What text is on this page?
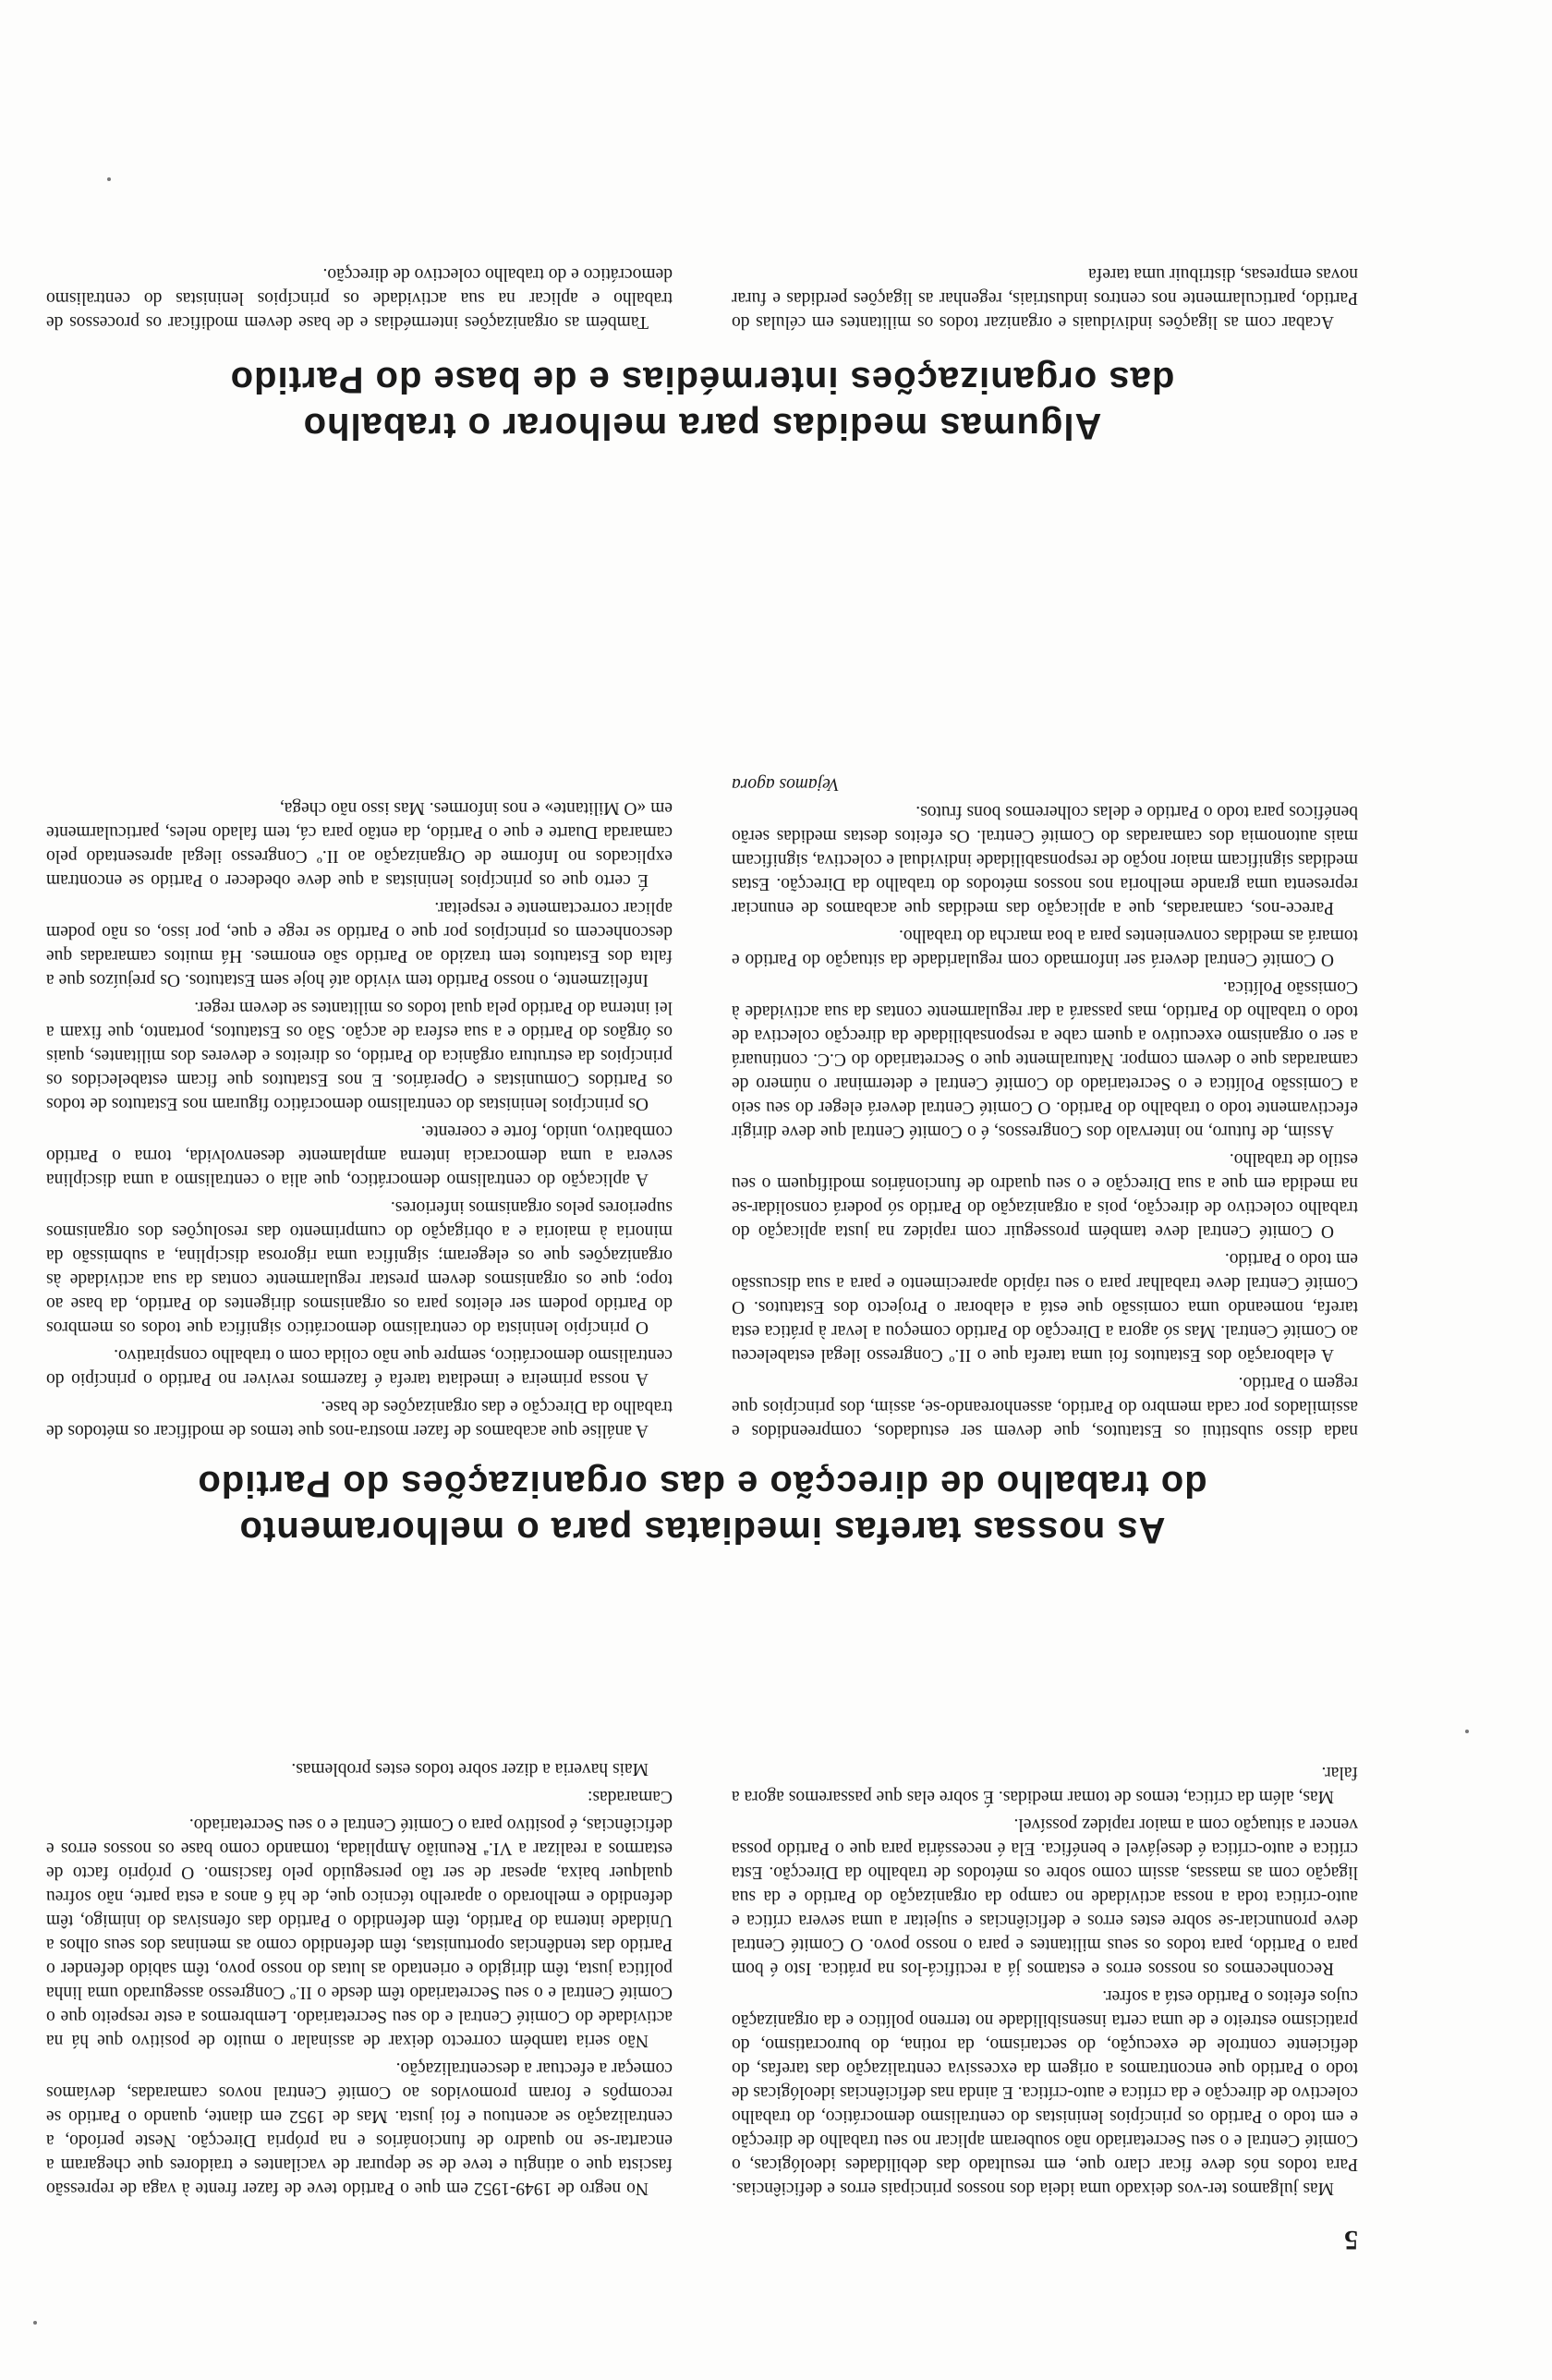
5

Mas julgamos ter-vos deixado uma ideia dos nossos principais erros e deficiências. Para todos nós deve ficar claro que, em resultado das debilidades ideológicas, o Comité Central e o seu Secretariado não souberam aplicar no seu trabalho de direcção e em todo o Partido os princípios leninistas do centralismo democrático, do trabalho colectivo de direcção e da crítica e auto-crítica. E ainda nas deficiências ideológicas de todo o Partido que encontramos a origem da excessiva centralização das tarefas, do deficiente controle de execução, do sectarismo, da rotina, do burocratismo, do praticismo estreito e de uma certa insensibilidade no terreno político e da organização cujos efeitos o Partido está a sofrer.

Reconhecemos os nossos erros e estamos já a rectificá-los na prática. Isto é bom para o Partido, para todos os seus militantes e para o nosso povo. O Comité Central deve pronunciar-se sobre estes erros e deficiências e sujeitar a uma severa crítica e auto-crítica toda a nossa actividade no campo da organização do Partido e da sua ligação com as massas, assim como sobre os métodos de trabalho da Direcção. Esta crítica e auto-crítica é desejável e benéfica. Ela é necessária para que o Partido possa vencer a situação com a maior rapidez possível.

Mas, além da crítica, temos de tomar medidas. É sobre elas que passaremos agora a falar.

No negro de 1949-1952 em que o Partido teve de fazer frente à vaga de repressão fascista que o atingiu e teve de se depurar de vacilantes e traidores que chegaram a encartar-se no quadro de funcionários e na própria Direcção. Neste período, a centralização se acentuou e foi justa. Mas de 1952 em diante, quando o Partido se recompôs e foram promovidos ao Comité Central novos camaradas, devíamos começar a efectuar a descentralização.

Não seria também correcto deixar de assinalar o muito de positivo que há na actividade do Comité Central e do seu Secretariado. Lembremos a este respeito que o Comité Central e o seu Secretariado têm desde o II.º Congresso assegurado uma linha política justa, têm dirigido e orientado as lutas do nosso povo, têm sabido defender o Partido das tendências oportunistas, têm defendido como as meninas dos seus olhos a Unidade interna do Partido, têm defendido o Partido das ofensivas do inimigo, têm defendido e melhorado o aparelho técnico que, de há 6 anos a esta parte, não sofreu qualquer baixa, apesar de ser tão perseguido pelo fascismo. O próprio facto de estarmos a realizar a VI.ª Reunião Ampliada, tomando como base os nossos erros e deficiências, é positivo para o Comité Central e o seu Secretariado.

Camaradas:

Mais haveria a dizer sobre todos estes problemas.

As nossas tarefas imediatas para o melhoramento
do trabalho de direcção e das organizações do Partido

nada disso substitui os Estatutos, que devem ser estudados, compreendidos e assimilados por cada membro do Partido, assenhoreando-se, assim, dos princípios que regem o Partido.

A elaboração dos Estatutos foi uma tarefa que o II.º Congresso ilegal estabeleceu ao Comité Central. Mas só agora a Direcção do Partido começou a levar à prática esta tarefa, nomeando uma comissão que está a elaborar o Projecto dos Estatutos. O Comité Central deve trabalhar para o seu rápido aparecimento e para a sua discussão em todo o Partido.

O Comité Central deve também prosseguir com rapidez na justa aplicação do trabalho colectivo de direcção, pois a organização do Partido só poderá consolidar-se na medida em que a sua Direcção e o seu quadro de funcionários modifiquem o seu estilo de trabalho.

Assim, de futuro, no intervalo dos Congressos, é o Comité Central que deve dirigir efectivamente todo o trabalho do Partido. O Comité Central deverá eleger do seu seio a Comissão Política e o Secretariado do Comité Central e determinar o número de camaradas que o devem compor. Naturalmente que o Secretariado do C.C. continuará a ser o organismo executivo a quem cabe a responsabilidade da direcção colectiva de todo o trabalho do Partido, mas passará a dar regularmente contas da sua actividade à Comissão Política.

O Comité Central deverá ser informado com regularidade da situação do Partido e tomará as medidas convenientes para a boa marcha do trabalho.

Parece-nos, camaradas, que a aplicação das medidas que acabamos de enunciar representa uma grande melhoria nos nossos métodos do trabalho da Direcção. Estas medidas significam maior noção de responsabilidade individual e colectiva, significam mais autonomia dos camaradas do Comité Central. Os efeitos destas medidas serão benéficos para todo o Partido e delas colheremos bons frutos.

Vejamos agora

A análise que acabamos de fazer mostra-nos que temos de modificar os métodos de trabalho da Direcção e das organizações de base.

A nossa primeira e imediata tarefa é fazermos reviver no Partido o princípio do centralismo democrático, sempre que não colida com o trabalho conspirativo.

O princípio leninista do centralismo democrático significa que todos os membros do Partido podem ser eleitos para os organismos dirigentes do Partido, da base ao topo; que os organismos devem prestar regularmente contas da sua actividade às organizações que os elegeram; significa uma rigorosa disciplina, a submissão da minoria à maioria e a obrigação do cumprimento das resoluções dos organismos superiores pelos organismos inferiores.

A aplicação do centralismo democrático, que alia o centralismo a uma disciplina severa a uma democracia interna amplamente desenvolvida, torna o Partido combativo, unido, forte e coerente.

Os princípios leninistas do centralismo democrático figuram nos Estatutos de todos os Partidos Comunistas e Operários. E nos Estatutos que ficam estabelecidos os princípios da estrutura orgânica do Partido, os direitos e deveres dos militantes, quais os órgãos do Partido e a sua esfera de acção. São os Estatutos, portanto, que fixam a lei interna do Partido pela qual todos os militantes se devem reger.

Infelizmente, o nosso Partido tem vivido até hoje sem Estatutos. Os prejuízos que a falta dos Estatutos tem trazido ao Partido são enormes. Há muitos camaradas que desconhecem os princípios por que o Partido se rege e que, por isso, os não podem aplicar correctamente e respeitar.

É certo que os princípios leninistas a que deve obedecer o Partido se encontram explicados no Informe de Organização ao II.º Congresso ilegal apresentado pelo camarada Duarte e que o Partido, da então para cá, tem falado neles, particularmente em «O Militante» e nos informes. Mas isso não chega,

Algumas medidas para melhorar o trabalho
das organizações intermédias e de base do Partido

Acabar com as ligações individuais e organizar todos os militantes em células do Partido, particularmente nos centros industriais, regenhar as ligações perdidas e furar novas empresas, distribuir uma tarefa

Também as organizações intermédias e de base devem modificar os processos de trabalho e aplicar na sua actividade os princípios leninistas do centralismo democrático e do trabalho colectivo de direcção.
